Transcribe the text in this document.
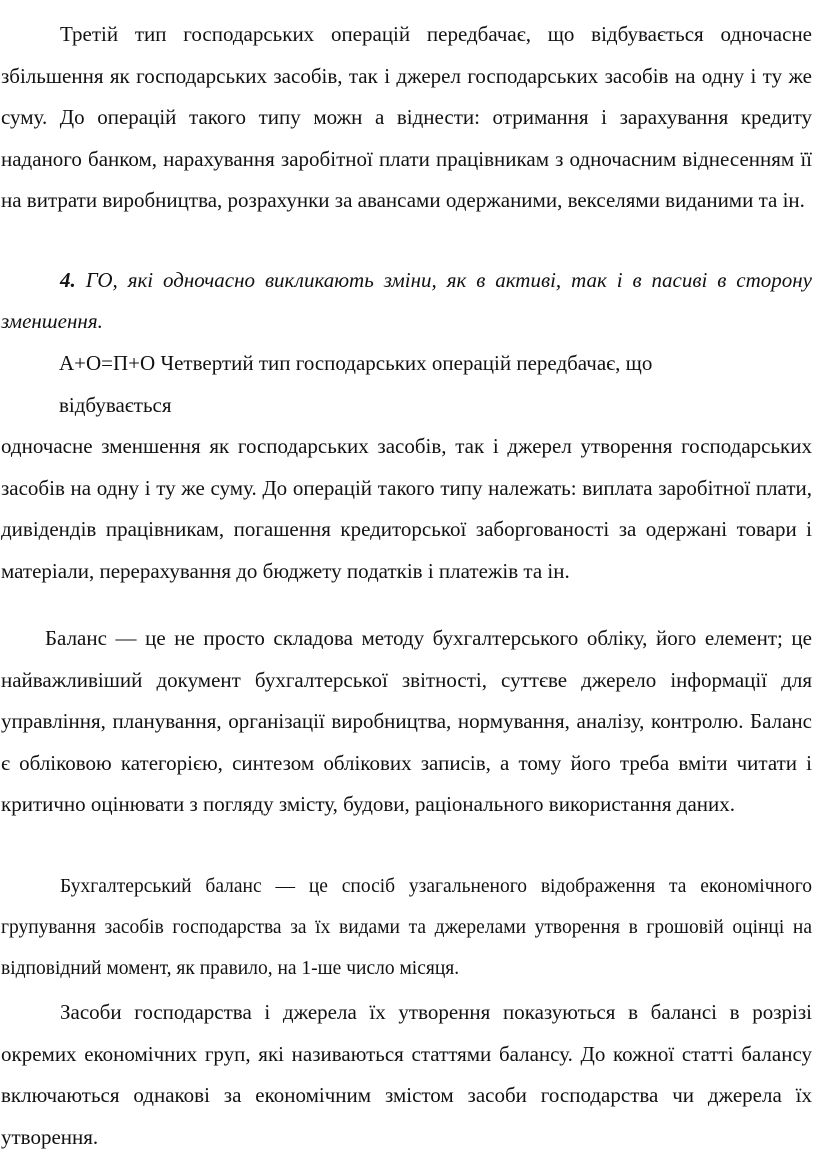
Третій тип господарських операцій передбачає, що відбувається одночасне збільшення як господарських засобів, так і джерел господарських засобів на одну і ту же суму. До операцій такого типу можн а віднести: отримання і зарахування кредиту наданого банком, нарахування заробітної плати працівникам з одночасним віднесенням її на витрати виробництва, розрахунки за авансами одержаними, векселями виданими та ін.

4. ГО, які одночасно викликають зміни, як в активі, так і в пасиві в сторону зменшення.

А+О=П+О Четвертий тип господарських операцій передбачає, що відбувається

одночасне зменшення як господарських засобів, так і джерел утворення господарських засобів на одну і ту же суму. До операцій такого типу належать: виплата заробітної плати, дивідендів працівникам, погашення кредиторської заборгованості за одержані товари і матеріали, перерахування до бюджету податків і платежів та ін.

Баланс — це не просто складова методу бухгалтерського обліку, його елемент; це найважливіший документ бухгалтерської звітності, суттєве джерело інформації для управління, планування, організації виробництва, нормування, аналізу, контролю. Баланс є обліковою категорією, синтезом облікових записів, а тому його треба вміти читати і критично оцінювати з погляду змісту, будови, раціонального використання даних.

Бухгалтерський баланс — це спосіб узагальненого відображення та економічного групування засобів господарства за їх видами та джерелами утворення в грошовій оцінці на відповідний момент, як правило, на 1-ше число місяця.

Засоби господарства і джерела їх утворення показуються в балансі в розрізі окремих економічних груп, які називаються статтями балансу. До кожної статті балансу включаються однакові за економічним змістом засоби господарства чи джерела їх утворення.
